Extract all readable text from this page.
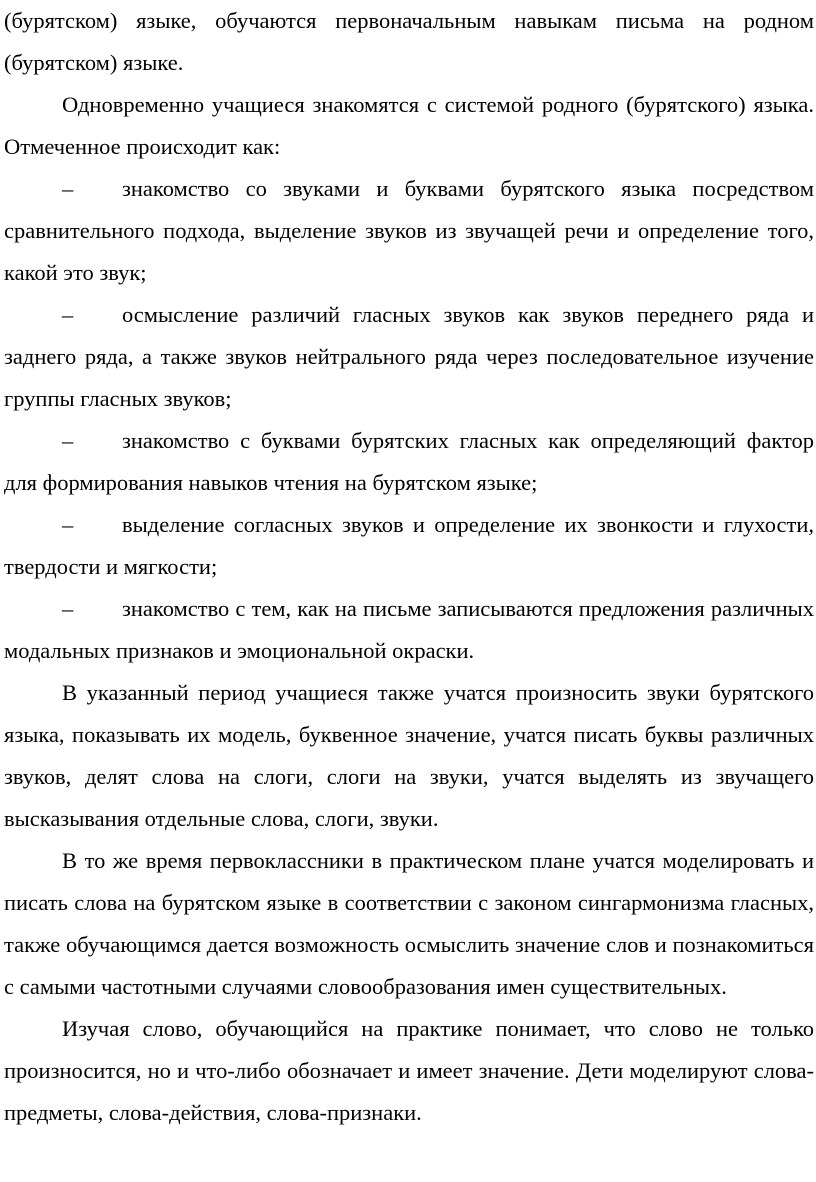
(бурятском) языке, обучаются первоначальным навыкам письма на родном (бурятском) языке.

Одновременно учащиеся знакомятся с системой родного (бурятского) языка. Отмеченное происходит как:

– знакомство со звуками и буквами бурятского языка посредством сравнительного подхода, выделение звуков из звучащей речи и определение того, какой это звук;

– осмысление различий гласных звуков как звуков переднего ряда и заднего ряда, а также звуков нейтрального ряда через последовательное изучение группы гласных звуков;

– знакомство с буквами бурятских гласных как определяющий фактор для формирования навыков чтения на бурятском языке;

– выделение согласных звуков и определение их звонкости и глухости, твердости и мягкости;

– знакомство с тем, как на письме записываются предложения различных модальных признаков и эмоциональной окраски.

В указанный период учащиеся также учатся произносить звуки бурятского языка, показывать их модель, буквенное значение, учатся писать буквы различных звуков, делят слова на слоги, слоги на звуки, учатся выделять из звучащего высказывания отдельные слова, слоги, звуки.

В то же время первоклассники в практическом плане учатся моделировать и писать слова на бурятском языке в соответствии с законом сингармонизма гласных, также обучающимся дается возможность осмыслить значение слов и познакомиться с самыми частотными случаями словообразования имен существительных.

Изучая слово, обучающийся на практике понимает, что слово не только произносится, но и что-либо обозначает и имеет значение. Дети моделируют слова-предметы, слова-действия, слова-признаки.
